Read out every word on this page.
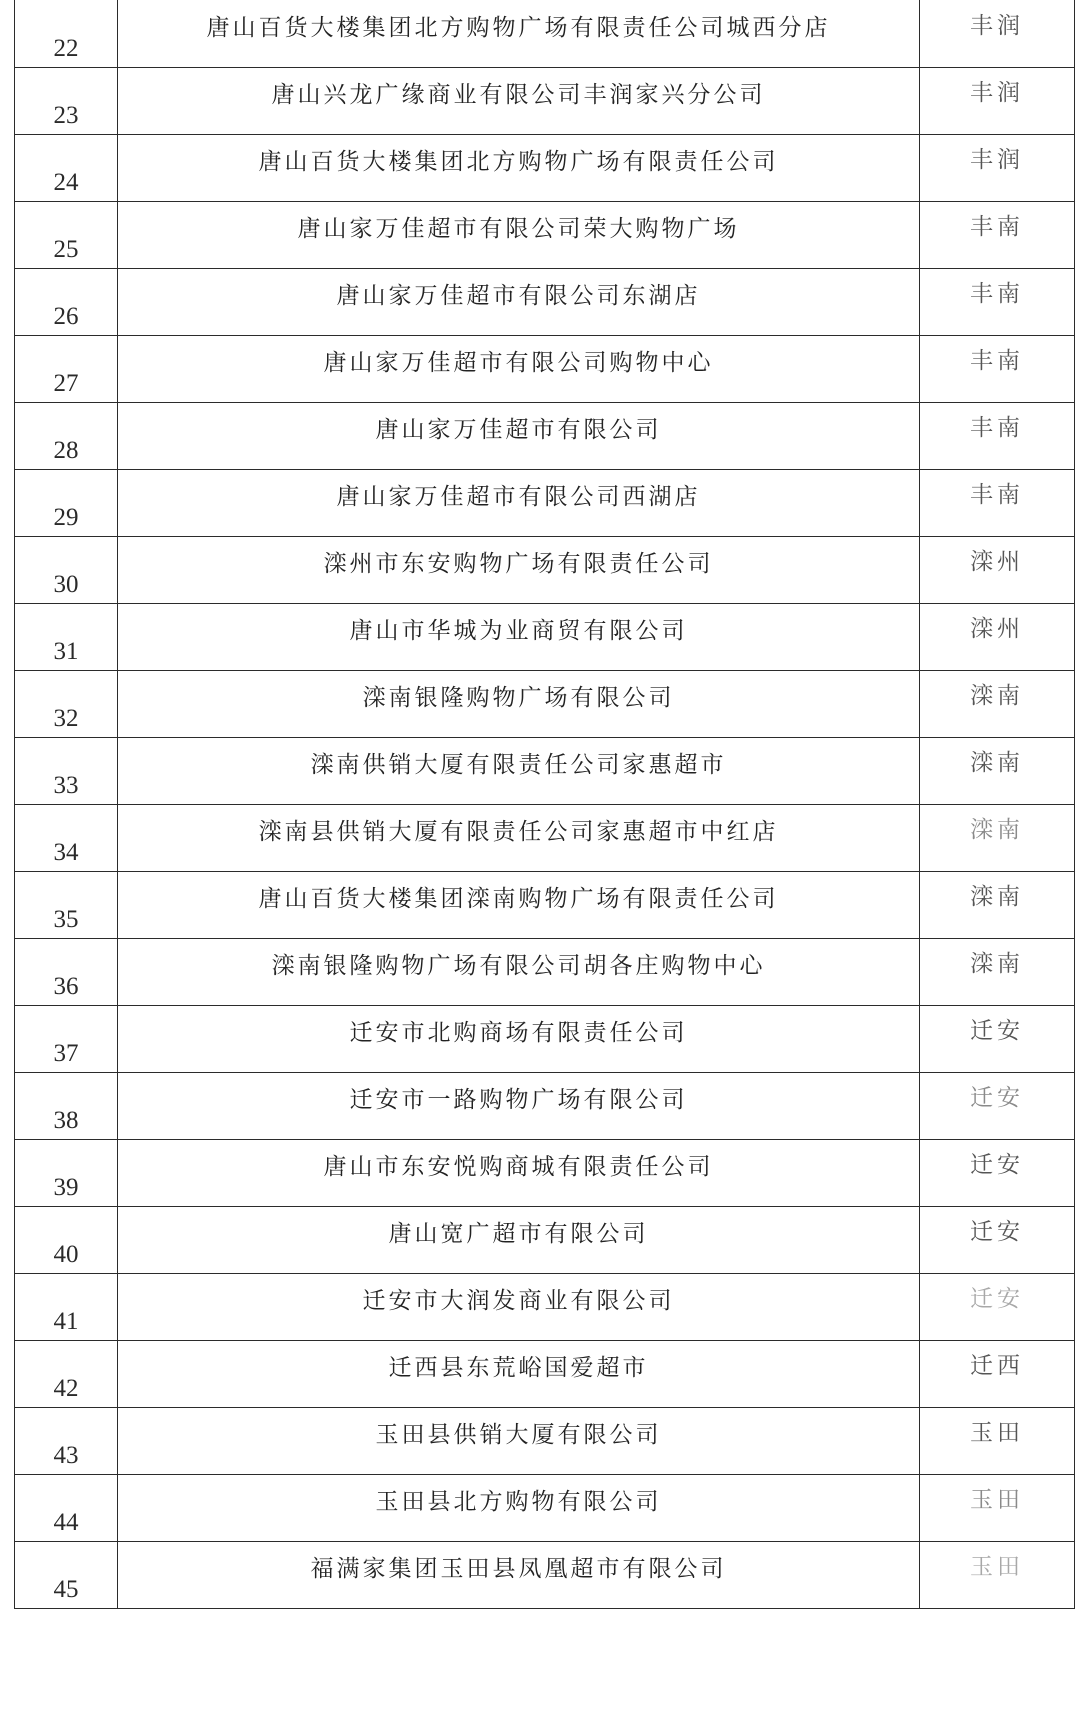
22	唐山百货大楼集团北方购物广场有限责任公司城西分店	丰润
23	唐山兴龙广缘商业有限公司丰润家兴分公司	丰润
24	唐山百货大楼集团北方购物广场有限责任公司	丰润
25	唐山家万佳超市有限公司荣大购物广场	丰南
26	唐山家万佳超市有限公司东湖店	丰南
27	唐山家万佳超市有限公司购物中心	丰南
28	唐山家万佳超市有限公司	丰南
29	唐山家万佳超市有限公司西湖店	丰南
30	滦州市东安购物广场有限责任公司	滦州
31	唐山市华城为业商贸有限公司	滦州
32	滦南银隆购物广场有限公司	滦南
33	滦南供销大厦有限责任公司家惠超市	滦南
34	滦南县供销大厦有限责任公司家惠超市中红店	滦南
35	唐山百货大楼集团滦南购物广场有限责任公司	滦南
36	滦南银隆购物广场有限公司胡各庄购物中心	滦南
37	迁安市北购商场有限责任公司	迁安
38	迁安市一路购物广场有限公司	迁安
39	唐山市东安悦购商城有限责任公司	迁安
40	唐山宽广超市有限公司	迁安
41	迁安市大润发商业有限公司	迁安
42	迁西县东荒峪国爱超市	迁西
43	玉田县供销大厦有限公司	玉田
44	玉田县北方购物有限公司	玉田
45	福满家集团玉田县凤凰超市有限公司	玉田
